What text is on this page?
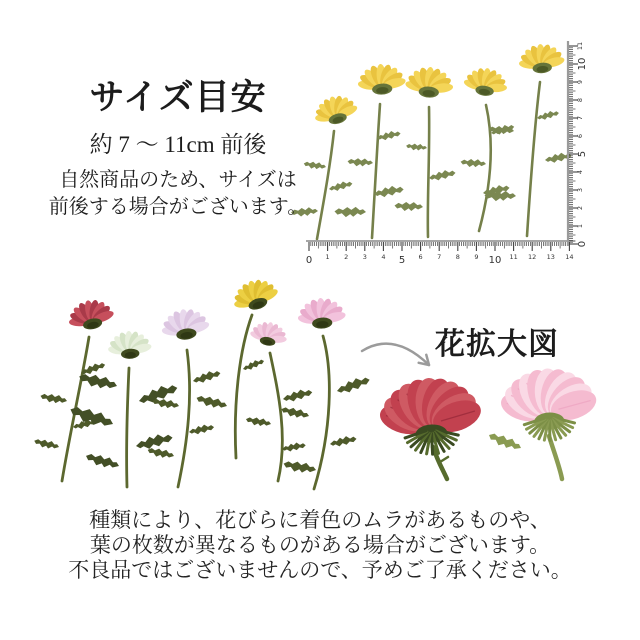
0 1 2 3 4 5 6 7 8 9 10 11 12 13 14
0
1
2
3
4
5
6
7
8
9
10
11
サイズ目安
約 7 〜 11cm 前後
自然商品のため、サイズは
前後する場合がございます。
花拡大図
種類により、花びらに着色のムラがあるものや、
葉の枚数が異なるものがある場合がございます。
不良品ではございませんので、予めご了承ください。
